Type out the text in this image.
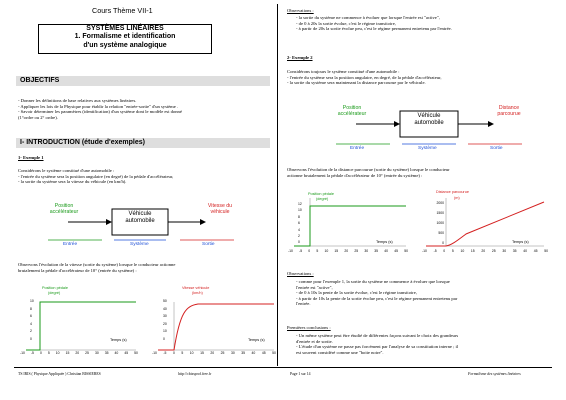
Cours Thème VII-1
SYSTÈMES LINÉAIRES
1. Formalisme et identification
d'un système analogique
OBJECTIFS
- Donner les définitions de base relatives aux systèmes linéaires.
- Appliquer les lois de la Physique pour établir la relation "entrée-sortie" d'un système .
- Savoir déterminer les paramètres (identification) d'un système dont le modèle est donné
(1°ordre ou 2° ordre).
I- INTRODUCTION (étude d'exemples)
1- Exemple 1
Considérons le système constitué d'une automobile :
- l'entrée du système sera la position angulaire (en degré) de la pédale d'accélérateur,
- la sortie du système sera la vitesse du véhicule (en km/h).
Position accélérateur	Véhicule automobile
Vitesse du véhicule
Entrée	Système	Sortie
Observons l'évolution de la vitesse (sortie du système) lorsque le conducteur actionne
brutalement la pédale d'accélérateur de 10° (entrée du système) :
Position pédale
(degré)
Temps (s)
Vitesse véhicule
(km/h)
Temps (s)
10
8
6
4
2
0
-10 -5 0 5 10 15 20 25 30 35 40 45 50
50
40
30
20
10
0
-10 -5 0 5 10 15 20 25 30 35 40 45 50
Observations :
- la sortie du système ne commence à évoluer que lorsque l'entrée est "active",
- de 0 à 20s la sortie évolue, c'est le régime transitoire,
- à partir de 20s la sortie évolue peu, c'est le régime permanent entretenu par l'entrée.
2- Exemple 2
Considérons toujours le système constitué d'une automobile :
- l'entrée du système sera la position angulaire, en degré, de la pédale d'accélérateur,
- la sortie du système sera maintenant la distance parcourue par le véhicule.
Position accélérateur	Véhicule automobile
Distance parcourue
Entrée	Système	Sortie
Observons l'évolution de la distance parcourue (sortie du système) lorsque le conducteur
actionne brutalement la pédale d'accélérateur de 10° (entrée du système) :
Position pédale
(degré)
Temps (s)
Distance parcourue
(m)
Temps (s)
12
10
8
6
4
2
0
-10 -5 0 5 10 15 20 25 30 35 40 45 50
2000
1500
1000
500
0
-10 -5 0 5 10 15 20 25 30 35 40 45 50
Observations :
- comme pour l'exemple 1, la sortie du système ne commence à évoluer que lorsque
l'entrée est "active",
- de 0 à 10s la pente de la sortie évolue, c'est le régime transitoire,
- à partir de 10s la pente de la sortie évolue peu, c'est le régime permanent entretenu par
l'entrée.
Premières conclusions :
- Un même système peut être étudié de différentes façons suivant le choix des grandeurs
d'entrée et de sortie.
- L'étude d'un système ne passe pas forcément par l'analyse de sa constitution interne ; il
est souvent considéré comme une "boite noire".
TS IRIS ( Physique Appliquée ) Christian BISSIERES	http://cbissprof.free.fr	Page 1 sur 14	Formalisme des systèmes linéaires
